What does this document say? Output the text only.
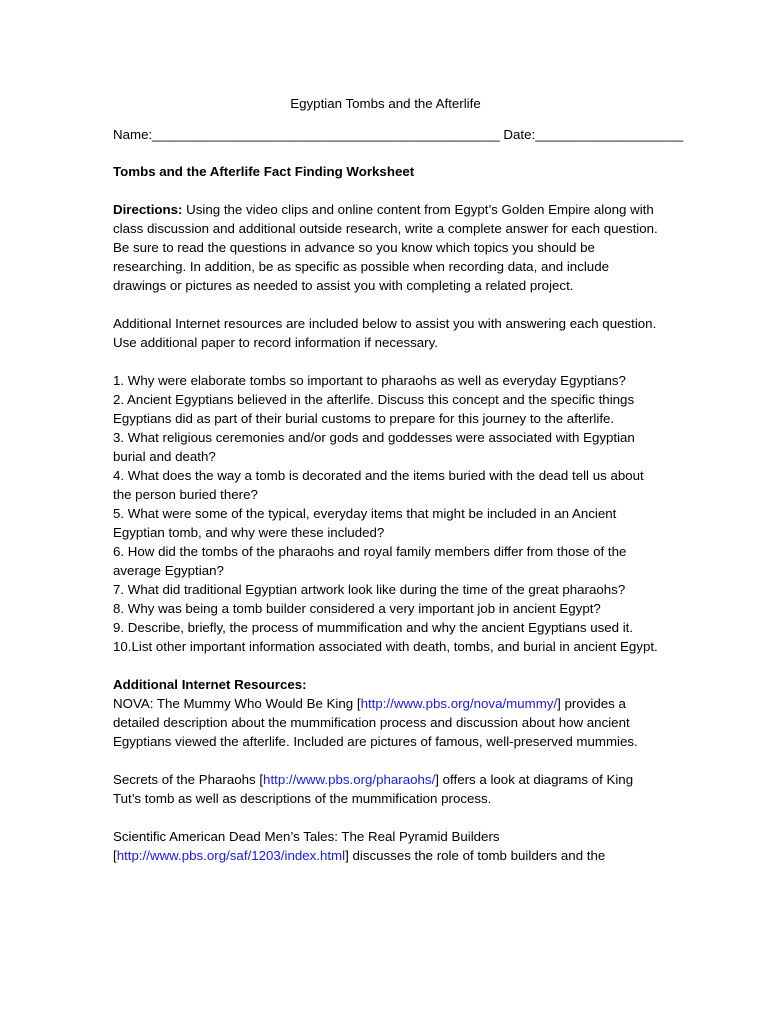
Egyptian Tombs and the Afterlife
Name:_______________________________________________ Date:____________________
Tombs and the Afterlife Fact Finding Worksheet

Directions: Using the video clips and online content from Egypt’s Golden Empire along with class discussion and additional outside research, write a complete answer for each question. Be sure to read the questions in advance so you know which topics you should be researching. In addition, be as specific as possible when recording data, and include drawings or pictures as needed to assist you with completing a related project.

Additional Internet resources are included below to assist you with answering each question. Use additional paper to record information if necessary.

1. Why were elaborate tombs so important to pharaohs as well as everyday Egyptians?

2. Ancient Egyptians believed in the afterlife. Discuss this concept and the specific things Egyptians did as part of their burial customs to prepare for this journey to the afterlife.

3. What religious ceremonies and/or gods and goddesses were associated with Egyptian burial and death?

4. What does the way a tomb is decorated and the items buried with the dead tell us about the person buried there?

5. What were some of the typical, everyday items that might be included in an Ancient Egyptian tomb, and why were these included?

6. How did the tombs of the pharaohs and royal family members differ from those of the average Egyptian?

7. What did traditional Egyptian artwork look like during the time of the great pharaohs?

8. Why was being a tomb builder considered a very important job in ancient Egypt?

9. Describe, briefly, the process of mummification and why the ancient Egyptians used it.

10.List other important information associated with death, tombs, and burial in ancient Egypt.

Additional Internet Resources:

NOVA: The Mummy Who Would Be King [http://www.pbs.org/nova/mummy/] provides a detailed description about the mummification process and discussion about how ancient Egyptians viewed the afterlife. Included are pictures of famous, well-preserved mummies.

Secrets of the Pharaohs [http://www.pbs.org/pharaohs/] offers a look at diagrams of King Tut’s tomb as well as descriptions of the mummification process.

Scientific American Dead Men’s Tales: The Real Pyramid Builders [http://www.pbs.org/saf/1203/index.html] discusses the role of tomb builders and the
